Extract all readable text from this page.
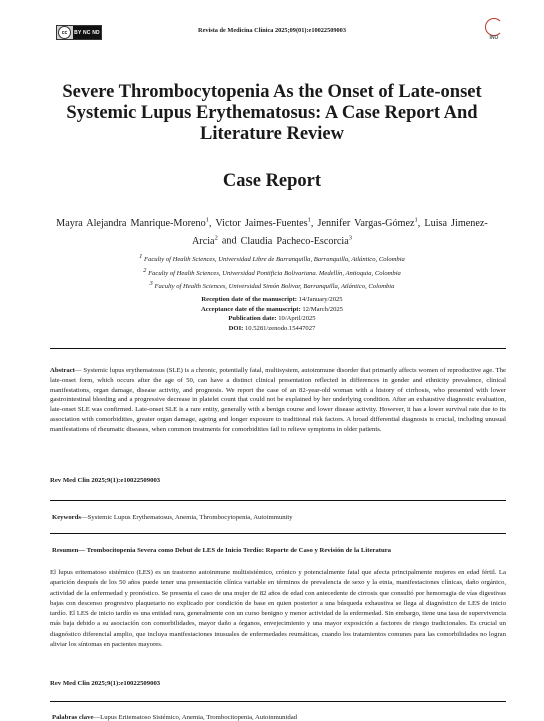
cc	BY NC ND	Revista de Medicina Clínica 2025;09(01):e10022509003
INO
Severe Thrombocytopenia As the Onset of Late-onset Systemic Lupus Erythematosus: A Case Report And Literature Review
Case Report
Mayra Alejandra Manrique-Moreno$^1$, Victor Jaimes-Fuentes$^1$, Jennifer Vargas-Gómez$^1$, Luisa Jimenez-Arcia$^2$ and Claudia Pacheco-Escorcia$^3$
$^1$ Faculty of Health Sciences, Universidad Libre de Barranquilla, Barranquilla, Atlántico, Colombia
$^2$ Faculty of Health Sciences, Universidad Pontificia Bolivariana. Medellín, Antioquia, Colombia
$^3$ Faculty of Health Sciences, Universidad Simón Bolivar, Barranquilla, Atlántico, Colombia
Reception date of the manuscript: 14/January/2025
Acceptance date of the manuscript: 12/March/2025
Publication date: 10/April/2025
DOI: 10.5281/zenodo.15447027
Abstract— Systemic lupus erythematosus (SLE) is a chronic, potentially fatal, multisystem, autoimmune disorder that primarily affects women of reproductive age. The late-onset form, which occurs after the age of 50, can have a distinct clinical presentation reflected in differences in gender and ethnicity prevalence, clinical manifestations, organ damage, disease activity, and prognosis. We report the case of an 82-year-old woman with a history of cirrhosis, who presented with lower gastrointestinal bleeding and a progressive decrease in platelet count that could not be explained by her underlying condition. After an exhaustive diagnostic evaluation, late-onset SLE was confirmed. Late-onset SLE is a rare entity, generally with a benign course and lower disease activity. However, it has a lower survival rate due to its association with comorbidities, greater organ damage, ageing and longer exposure to traditional risk factors. A broad differential diagnosis is crucial, including unusual manifestations of rheumatic diseases, when common treatments for comorbidities fail to relieve symptoms in older patients.
Rev Med Clin 2025;9(1):e10022509003
Keywords—Systemic Lupus Erythematosus, Anemia, Thrombocytopenia, Autoimmunity
Resumen— Trombocitopenia Severa como Debut de LES de Inicio Terdío: Reporte de Caso y Revisión de la Literatura
El lupus eritematoso sistémico (LES) es un trastorno autoinmune multisistémico, crónico y potencialmente fatal que afecta principalmente mujeres en edad fértil. La aparición después de los 50 años puede tener una presentación clínica variable en términos de prevalencia de sexo y la etnia, manifestaciones clínicas, daño orgánico, actividad de la enfermedad y pronóstico. Se presenta el caso de una mujer de 82 años de edad con antecedente de cirrosis que consultó por hemorragia de vías digestivas bajas con descenso progresivo plaquetario no explicado por condición de base en quien posterior a una búsqueda exhaustiva se llega al diagnóstico de LES de inicio tardío. El LES de inicio tardío es una entidad rara, generalmente con un curso benigno y menor actividad de la enfermedad. Sin embargo, tiene una tasa de supervivencia más baja debido a su asociación con comorbilidades, mayor daño a órganos, envejecimiento y una mayor exposición a factores de riesgo tradicionales. Es crucial un diagnóstico diferencial amplio, que incluya manifestaciones inusuales de enfermedades reumáticas, cuando los tratamientos comunes para las comorbilidades no logran aliviar los síntomas en pacientes mayores.
Rev Med Clin 2025;9(1):e10022509003
Palabras clave—Lupus Eritematoso Sistémico, Anemia, Trombocitopenia, Autoinmunidad
